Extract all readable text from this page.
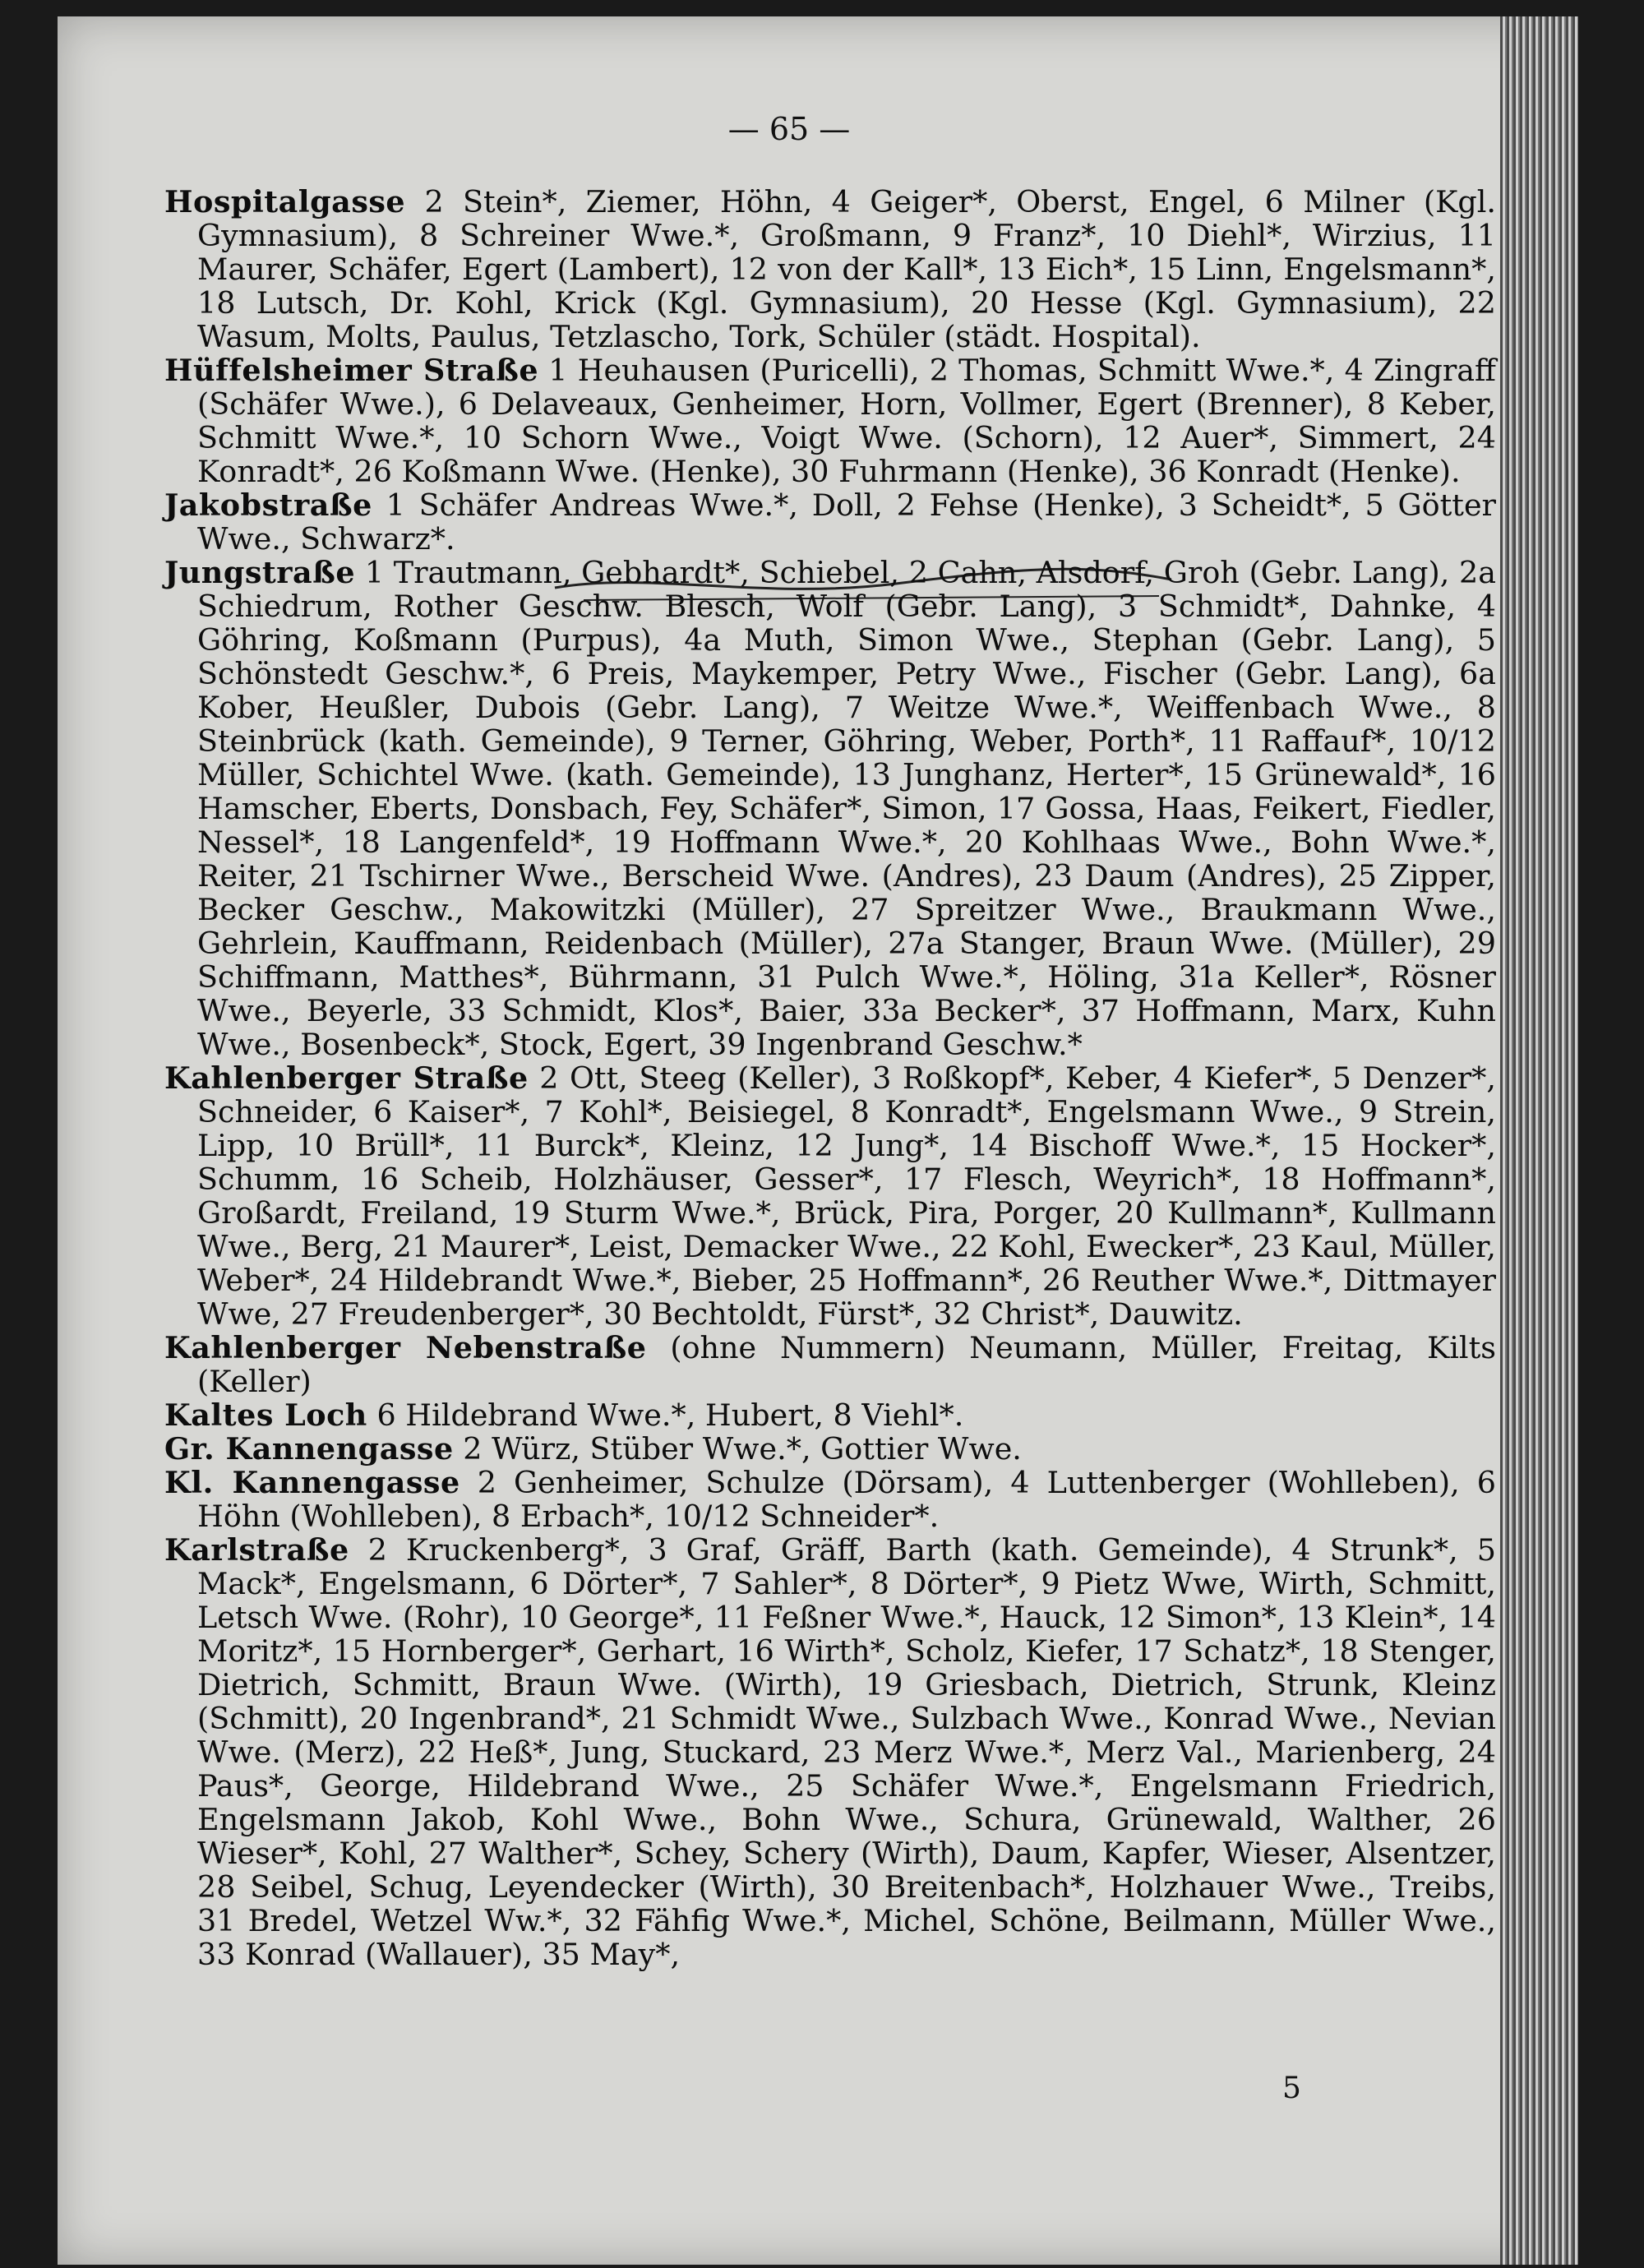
— 65 —

Hospitalgasse 2 Stein*, Ziemer, Höhn, 4 Geiger*, Oberst, Engel, 6 Milner (Kgl. Gymnasium), 8 Schreiner Wwe.*, Großmann, 9 Franz*, 10 Diehl*, Wirzius, 11 Maurer, Schäfer, Egert (Lambert), 12 von der Kall*, 13 Eich*, 15 Linn, Engelsmann*, 18 Lutsch, Dr. Kohl, Krick (Kgl. Gymnasium), 20 Hesse (Kgl. Gymnasium), 22 Wasum, Molts, Paulus, Tetzlascho, Tork, Schüler (städt. Hospital).

Hüffelsheimer Straße 1 Heuhausen (Puricelli), 2 Thomas, Schmitt Wwe.*, 4 Zingraff (Schäfer Wwe.), 6 Delaveaux, Genheimer, Horn, Vollmer, Egert (Brenner), 8 Keber, Schmitt Wwe.*, 10 Schorn Wwe., Voigt Wwe. (Schorn), 12 Auer*, Simmert, 24 Konradt*, 26 Koßmann Wwe. (Henke), 30 Fuhrmann (Henke), 36 Konradt (Henke).

Jakobstraße 1 Schäfer Andreas Wwe.*, Doll, 2 Fehse (Henke), 3 Scheidt*, 5 Götter Wwe., Schwarz*.

Jungstraße 1 Trautmann, Gebhardt*, Schiebel, 2 Cahn, Alsdorf, Groh (Gebr. Lang), 2a Schiedrum, Rother Geschw. Blesch, Wolf (Gebr. Lang), 3 Schmidt*, Dahnke, 4 Göhring, Koßmann (Purpus), 4a Muth, Simon Wwe., Stephan (Gebr. Lang), 5 Schönstedt Geschw.*, 6 Preis, Maykemper, Petry Wwe., Fischer (Gebr. Lang), 6a Kober, Heußler, Dubois (Gebr. Lang), 7 Weitze Wwe.*, Weiffenbach Wwe., 8 Steinbrück (kath. Gemeinde), 9 Terner, Göhring, Weber, Porth*, 11 Raffauf*, 10/12 Müller, Schichtel Wwe. (kath. Gemeinde), 13 Junghanz, Herter*, 15 Grünewald*, 16 Hamscher, Eberts, Donsbach, Fey, Schäfer*, Simon, 17 Gossa, Haas, Feikert, Fiedler, Nessel*, 18 Langenfeld*, 19 Hoffmann Wwe.*, 20 Kohlhaas Wwe., Bohn Wwe.*, Reiter, 21 Tschirner Wwe., Berscheid Wwe. (Andres), 23 Daum (Andres), 25 Zipper, Becker Geschw., Makowitzki (Müller), 27 Spreitzer Wwe., Braukmann Wwe., Gehrlein, Kauffmann, Reidenbach (Müller), 27a Stanger, Braun Wwe. (Müller), 29 Schiffmann, Matthes*, Bührmann, 31 Pulch Wwe.*, Höling, 31a Keller*, Rösner Wwe., Beyerle, 33 Schmidt, Klos*, Baier, 33a Becker*, 37 Hoffmann, Marx, Kuhn Wwe., Bosenbeck*, Stock, Egert, 39 Ingenbrand Geschw.*

Kahlenberger Straße 2 Ott, Steeg (Keller), 3 Roßkopf*, Keber, 4 Kiefer*, 5 Denzer*, Schneider, 6 Kaiser*, 7 Kohl*, Beisiegel, 8 Konradt*, Engelsmann Wwe., 9 Strein, Lipp, 10 Brüll*, 11 Burck*, Kleinz, 12 Jung*, 14 Bischoff Wwe.*, 15 Hocker*, Schumm, 16 Scheib, Holzhäuser, Gesser*, 17 Flesch, Weyrich*, 18 Hoffmann*, Großardt, Freiland, 19 Sturm Wwe.*, Brück, Pira, Porger, 20 Kullmann*, Kullmann Wwe., Berg, 21 Maurer*, Leist, Demacker Wwe., 22 Kohl, Ewecker*, 23 Kaul, Müller, Weber*, 24 Hildebrandt Wwe.*, Bieber, 25 Hoffmann*, 26 Reuther Wwe.*, Dittmayer Wwe, 27 Freudenberger*, 30 Bechtoldt, Fürst*, 32 Christ*, Dauwitz.

Kahlenberger Nebenstraße (ohne Nummern) Neumann, Müller, Freitag, Kilts (Keller)

Kaltes Loch 6 Hildebrand Wwe.*, Hubert, 8 Viehl*.

Gr. Kannengasse 2 Würz, Stüber Wwe.*, Gottier Wwe.

Kl. Kannengasse 2 Genheimer, Schulze (Dörsam), 4 Luttenberger (Wohlleben), 6 Höhn (Wohlleben), 8 Erbach*, 10/12 Schneider*.

Karlstraße 2 Kruckenberg*, 3 Graf, Gräff, Barth (kath. Gemeinde), 4 Strunk*, 5 Mack*, Engelsmann, 6 Dörter*, 7 Sahler*, 8 Dörter*, 9 Pietz Wwe, Wirth, Schmitt, Letsch Wwe. (Rohr), 10 George*, 11 Feßner Wwe.*, Hauck, 12 Simon*, 13 Klein*, 14 Moritz*, 15 Hornberger*, Gerhart, 16 Wirth*, Scholz, Kiefer, 17 Schatz*, 18 Stenger, Dietrich, Schmitt, Braun Wwe. (Wirth), 19 Griesbach, Dietrich, Strunk, Kleinz (Schmitt), 20 Ingenbrand*, 21 Schmidt Wwe., Sulzbach Wwe., Konrad Wwe., Nevian Wwe. (Merz), 22 Heß*, Jung, Stuckard, 23 Merz Wwe.*, Merz Val., Marienberg, 24 Paus*, George, Hildebrand Wwe., 25 Schäfer Wwe.*, Engelsmann Friedrich, Engelsmann Jakob, Kohl Wwe., Bohn Wwe., Schura, Grünewald, Walther, 26 Wieser*, Kohl, 27 Walther*, Schey, Schery (Wirth), Daum, Kapfer, Wieser, Alsentzer, 28 Seibel, Schug, Leyendecker (Wirth), 30 Breitenbach*, Holzhauer Wwe., Treibs, 31 Bredel, Wetzel Ww.*, 32 Fähfig Wwe.*, Michel, Schöne, Beilmann, Müller Wwe., 33 Konrad (Wallauer), 35 May*,

5
